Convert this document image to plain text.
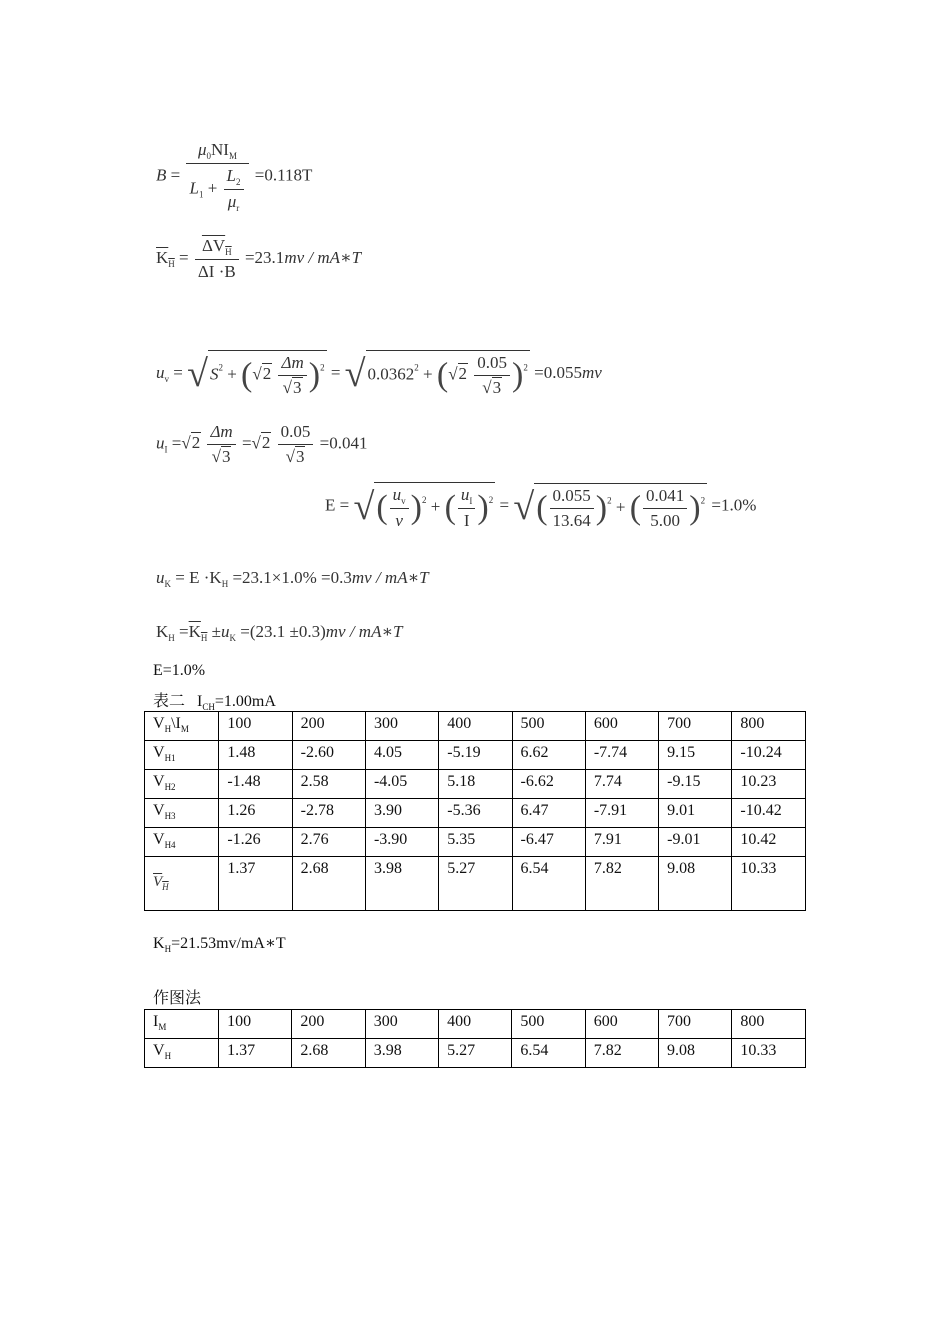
$B = \frac{\mu_0NI_M}{L_1 + \frac{L_2}{\mu_r}} =0.118T$
$K_H = \frac{\Delta V_H}{\Delta I \cdot B} =23.1mv$ / mA∗T
$u_v$ = √ $S^2 + (√2 \frac{\Delta m}{√3} )^2$ = √ $0.0362^2 + (√2 \frac{0.05}{√3} )^2 =0.055mv$
$u_I =√2 \frac{\Delta m}{√3} =√2 \frac{0.05}{√3} =0.041$
E = √( $\frac{u_v}{v} )^2$ + ( $\frac{u_I}{I} )^2$ = √( $\frac{0.055}{13.64} )^2$ + ( $\frac{0.041}{5.00} )^2 =1.0\%$
$u_K = E \cdot K_H =23.1\times 1.0\% =0.3mv$ / mA∗T
$K_H =K_H \pm u_K =(23.1 \pm 0.3)mv$ / mA∗T
E=1.0%
表二 $I_{CH}=1.00mA$
$V_H\backslash I_M$	100	200	300	400	500	600	700	800
$V_{H1}$	1.48	-2.60	4.05	-5.19	6.62	-7.74	9.15	-10.24
$V_{H2}$	-1.48	2.58	-4.05	5.18	-6.62	7.74	-9.15	10.23
$V_{H3}$	1.26	-2.78	3.90	-5.36	6.47	-7.91	9.01	-10.42
$V_{H4}$	-1.26	2.76	-3.90	5.35	-6.47	7.91	-9.01	10.42
$V_H$	1.37	2.68	3.98	5.27	6.54	7.82	9.08	10.33
$K_H=21.53mv/mA∗T$
作图法
$I_M$	100	200	300	400	500	600	700	800
$V_H$	1.37	2.68	3.98	5.27	6.54	7.82	9.08	10.33
